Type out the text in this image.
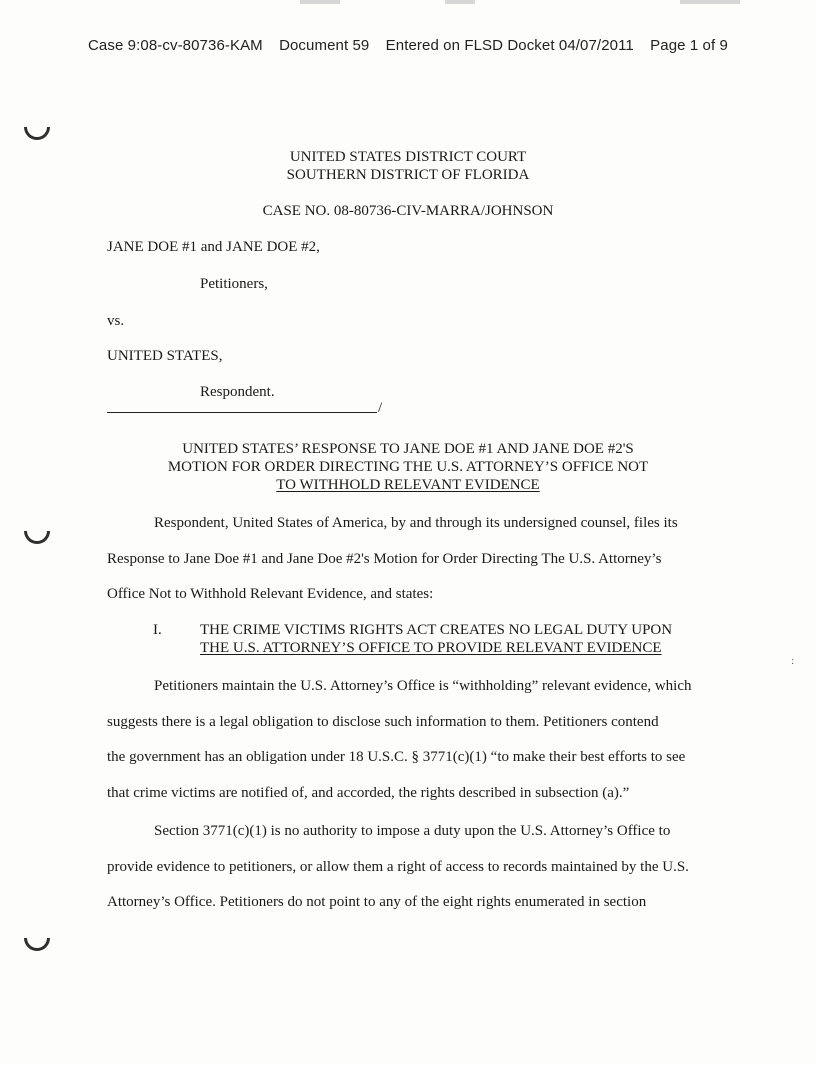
Case 9:08-cv-80736-KAM Document 59 Entered on FLSD Docket 04/07/2011 Page 1 of 9
UNITED STATES DISTRICT COURT
SOUTHERN DISTRICT OF FLORIDA
CASE NO. 08-80736-CIV-MARRA/JOHNSON
JANE DOE #1 and JANE DOE #2,
Petitioners,
vs.
UNITED STATES,
Respondent.
/
UNITED STATES’ RESPONSE TO JANE DOE #1 AND JANE DOE #2'S
MOTION FOR ORDER DIRECTING THE U.S. ATTORNEY’S OFFICE NOT
TO WITHHOLD RELEVANT EVIDENCE
Respondent, United States of America, by and through its undersigned counsel, files its
Response to Jane Doe #1 and Jane Doe #2's Motion for Order Directing The U.S. Attorney’s
Office Not to Withhold Relevant Evidence, and states:
I.	THE CRIME VICTIMS RIGHTS ACT CREATES NO LEGAL DUTY UPON
THE U.S. ATTORNEY’S OFFICE TO PROVIDE RELEVANT EVIDENCE
Petitioners maintain the U.S. Attorney’s Office is “withholding” relevant evidence, which
suggests there is a legal obligation to disclose such information to them. Petitioners contend
the government has an obligation under 18 U.S.C. § 3771(c)(1) “to make their best efforts to see
that crime victims are notified of, and accorded, the rights described in subsection (a).”
Section 3771(c)(1) is no authority to impose a duty upon the U.S. Attorney’s Office to
provide evidence to petitioners, or allow them a right of access to records maintained by the U.S.
Attorney’s Office. Petitioners do not point to any of the eight rights enumerated in section
:
